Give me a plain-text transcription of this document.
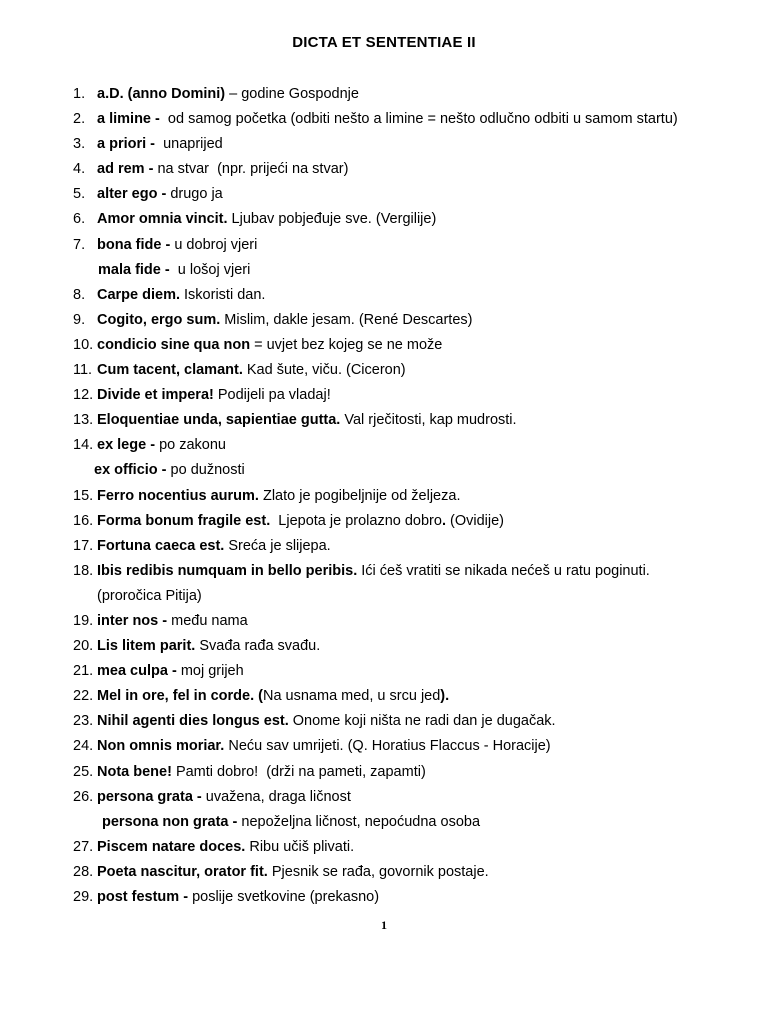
DICTA ET SENTENTIAE II
1. a.D. (anno Domini) – godine Gospodnje
2. a limine -  od samog početka (odbiti nešto a limine = nešto odlučno odbiti u samom startu)
3. a priori -  unaprijed
4. ad rem - na stvar  (npr. prijeći na stvar)
5. alter ego - drugo ja
6. Amor omnia vincit. Ljubav pobjeđuje sve. (Vergilije)
7. bona fide - u dobroj vjeri
mala fide -  u lošoj vjeri
8. Carpe diem. Iskoristi dan.
9. Cogito, ergo sum. Mislim, dakle jesam. (René Descartes)
10. condicio sine qua non = uvjet bez kojeg se ne može
11. Cum tacent, clamant. Kad šute, viču. (Ciceron)
12. Divide et impera! Podijeli pa vladaj!
13. Eloquentiae unda, sapientiae gutta. Val rječitosti, kap mudrosti.
14. ex lege - po zakonu
ex officio - po dužnosti
15. Ferro nocentius aurum. Zlato je pogibeljnije od željeza.
16. Forma bonum fragile est.  Ljepota je prolazno dobro. (Ovidije)
17. Fortuna caeca est. Sreća je slijepa.
18. Ibis redibis numquam in bello peribis. Ići ćeš vratiti se nikada nećeš u ratu poginuti.
(proročica Pitija)
19. inter nos - među nama
20. Lis litem parit. Svađa rađa svađu.
21. mea culpa - moj grijeh
22. Mel in ore, fel in corde. (Na usnama med, u srcu jed).
23. Nihil agenti dies longus est. Onome koji ništa ne radi dan je dugačak.
24. Non omnis moriar. Neću sav umrijeti. (Q. Horatius Flaccus - Horacije)
25. Nota bene! Pamti dobro!  (drži na pameti, zapamti)
26. persona grata - uvažena, draga ličnost
persona non grata - nepoželjna ličnost, nepoćudna osoba
27. Piscem natare doces. Ribu učiš plivati.
28. Poeta nascitur, orator fit. Pjesnik se rađa, govornik postaje.
29. post festum - poslije svetkovine (prekasno)
1
